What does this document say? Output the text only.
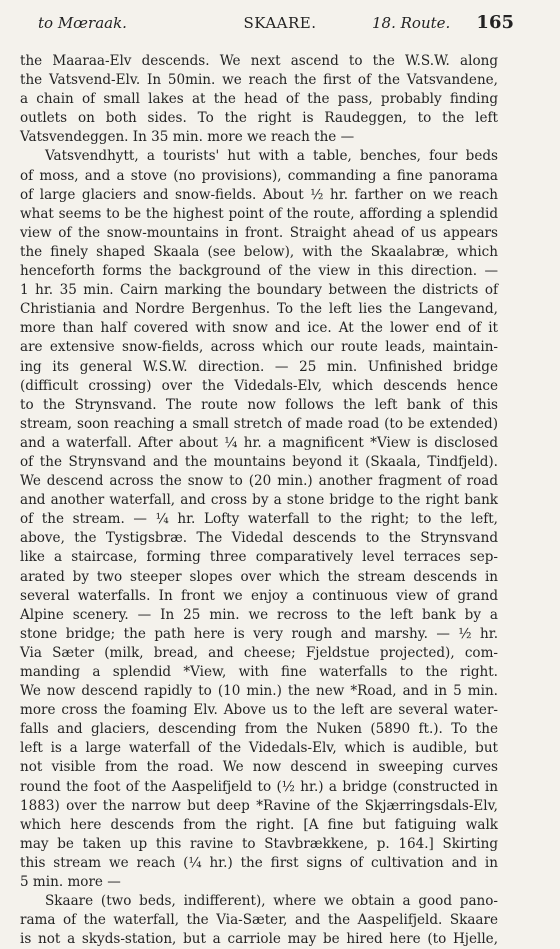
to Mœraak.	SKAARE.	18. Route. 165
the Maaraa-Elv descends. We next ascend to the W.S.W. along
the Vatsvend-Elv. In 50min. we reach the first of the Vatsvandene,
a chain of small lakes at the head of the pass, probably finding
outlets on both sides. To the right is Raudeggen, to the left
Vatsvendeggen. In 35 min. more we reach the —
Vatsvendhytt, a tourists' hut with a table, benches, four beds
of moss, and a stove (no provisions), commanding a fine panorama
of large glaciers and snow-fields. About ½ hr. farther on we reach
what seems to be the highest point of the route, affording a splendid
view of the snow-mountains in front. Straight ahead of us appears
the finely shaped Skaala (see below), with the Skaalabræ, which
henceforth forms the background of the view in this direction. —
1 hr. 35 min. Cairn marking the boundary between the districts of
Christiania and Nordre Bergenhus. To the left lies the Langevand,
more than half covered with snow and ice. At the lower end of it
are extensive snow-fields, across which our route leads, maintain-
ing its general W.S.W. direction. — 25 min. Unfinished bridge
(difficult crossing) over the Videdals-Elv, which descends hence
to the Strynsvand. The route now follows the left bank of this
stream, soon reaching a small stretch of made road (to be extended)
and a waterfall. After about ¼ hr. a magnificent *View is disclosed
of the Strynsvand and the mountains beyond it (Skaala, Tindfjeld).
We descend across the snow to (20 min.) another fragment of road
and another waterfall, and cross by a stone bridge to the right bank
of the stream. — ¼ hr. Lofty waterfall to the right; to the left,
above, the Tystigsbræ. The Videdal descends to the Strynsvand
like a staircase, forming three comparatively level terraces sep-
arated by two steeper slopes over which the stream descends in
several waterfalls. In front we enjoy a continuous view of grand
Alpine scenery. — In 25 min. we recross to the left bank by a
stone bridge; the path here is very rough and marshy. — ½ hr.
Via Sæter (milk, bread, and cheese; Fjeldstue projected), com-
manding a splendid *View, with fine waterfalls to the right.
We now descend rapidly to (10 min.) the new *Road, and in 5 min.
more cross the foaming Elv. Above us to the left are several water-
falls and glaciers, descending from the Nuken (5890 ft.). To the
left is a large waterfall of the Videdals-Elv, which is audible, but
not visible from the road. We now descend in sweeping curves
round the foot of the Aaspelifjeld to (½ hr.) a bridge (constructed in
1883) over the narrow but deep *Ravine of the Skjærringsdals-Elv,
which here descends from the right. [A fine but fatiguing walk
may be taken up this ravine to Stavbrækkene, p. 164.] Skirting
this stream we reach (¼ hr.) the first signs of cultivation and in
5 min. more —
Skaare (two beds, indifferent), where we obtain a good pano-
rama of the waterfall, the Via-Sæter, and the Aaspelifjeld. Skaare
is not a skyds-station, but a carriole may be hired here (to Hjelle,
